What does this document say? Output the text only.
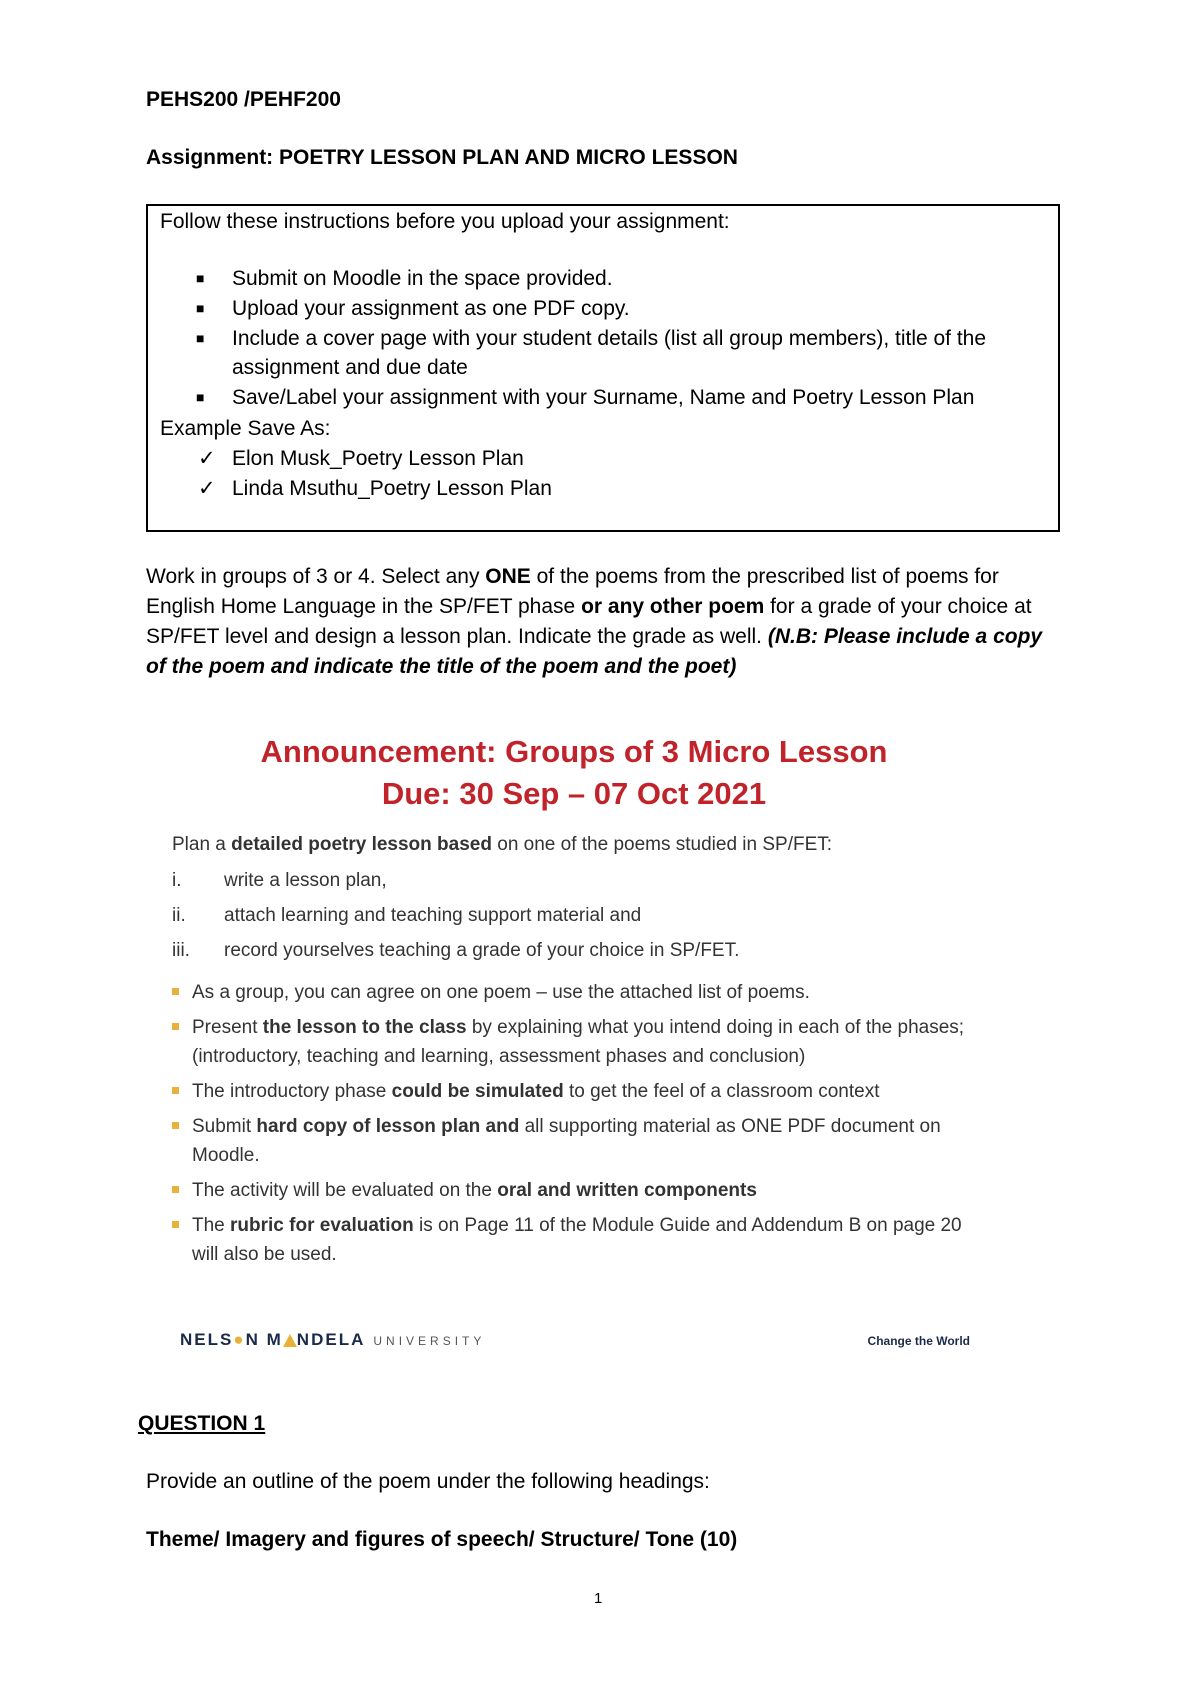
PEHS200 /PEHF200
Assignment: POETRY LESSON PLAN AND MICRO LESSON
Follow these instructions before you upload your assignment:
■ Submit on Moodle in the space provided.
■ Upload your assignment as one PDF copy.
■ Include a cover page with your student details (list all group members), title of the assignment and due date
■ Save/Label your assignment with your Surname, Name and Poetry Lesson Plan
Example Save As:
✓ Elon Musk_Poetry Lesson Plan
✓ Linda Msuthu_Poetry Lesson Plan
Work in groups of 3 or 4. Select any ONE of the poems from the prescribed list of poems for English Home Language in the SP/FET phase or any other poem for a grade of your choice at SP/FET level and design a lesson plan. Indicate the grade as well. (N.B: Please include a copy of the poem and indicate the title of the poem and the poet)
Announcement: Groups of 3 Micro Lesson
Due: 30 Sep – 07 Oct 2021
Plan a detailed poetry lesson based on one of the poems studied in SP/FET:
i. write a lesson plan,
ii. attach learning and teaching support material and
iii. record yourselves teaching a grade of your choice in SP/FET.
As a group, you can agree on one poem – use the attached list of poems.
Present the lesson to the class by explaining what you intend doing in each of the phases; (introductory, teaching and learning, assessment phases and conclusion)
The introductory phase could be simulated to get the feel of a classroom context
Submit hard copy of lesson plan and all supporting material as ONE PDF document on Moodle.
The activity will be evaluated on the oral and written components
The rubric for evaluation is on Page 11 of the Module Guide and Addendum B on page 20 will also be used.
NELS●N M NDELA UNIVERSITY	Change the World
QUESTION 1
Provide an outline of the poem under the following headings:
Theme/ Imagery and figures of speech/ Structure/ Tone (10)
1
